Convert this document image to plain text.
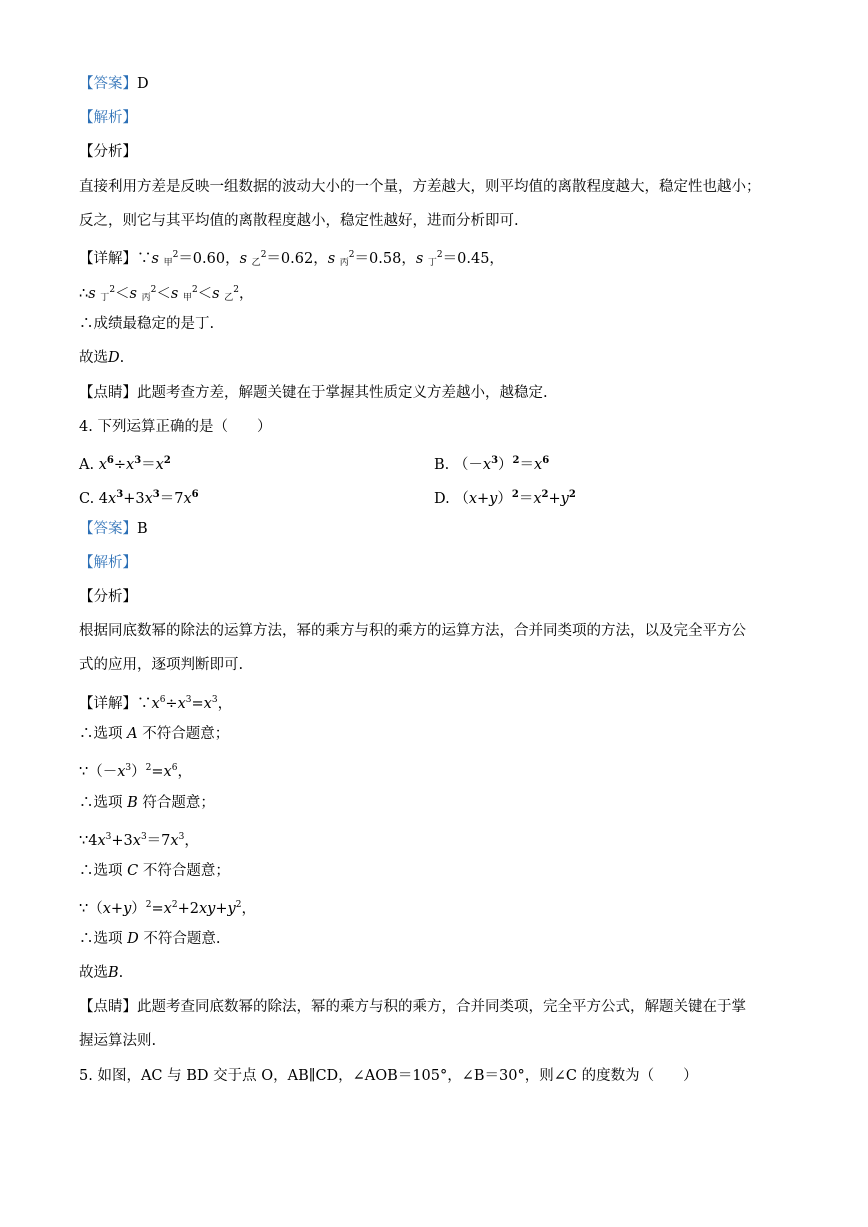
【答案】D
【解析】
【分析】
直接利用方差是反映一组数据的波动大小的一个量，方差越大，则平均值的离散程度越大，稳定性也越小；
反之，则它与其平均值的离散程度越小，稳定性越好，进而分析即可.
【详解】∵s $_甲^2$＝0.60，s $_乙^2$＝0.62，s $_丙^2$＝0.58，s $_丁^2$＝0.45，
∴s $_丁^2$＜s $_丙^2$＜s $_甲^2$＜s $_乙^2$，
∴成绩最稳定的是丁.
故选D.
【点睛】此题考查方差，解题关键在于掌握其性质定义方差越小，越稳定.
4. 下列运算正确的是（　　）
A. $x^6\div x^3=x^2$	B. $(-x^3)^2=x^6$
C. $4x^3+3x^3=7x^6$	D. $(x+y)^2=x^2+y^2$
【答案】B
【解析】
【分析】
根据同底数幂的除法的运算方法，幂的乘方与积的乘方的运算方法，合并同类项的方法，以及完全平方公
式的应用，逐项判断即可.
【详解】$\because x^6\div x^3=x^3$，
∴选项 A 不符合题意；
$\because(-x^3)^2=x^6$，
∴选项 B 符合题意；
$\because 4x^3+3x^3=7x^3$，
∴选项 C 不符合题意；
$\because(x+y)^2=x^2+2xy+y^2$，
∴选项 D 不符合题意.
故选B.
【点睛】此题考查同底数幂的除法，幂的乘方与积的乘方，合并同类项，完全平方公式，解题关键在于掌
握运算法则.
5. 如图，AC 与 BD 交于点 O，AB∥CD，∠AOB＝105°，∠B＝30°，则∠C 的度数为（　　）
